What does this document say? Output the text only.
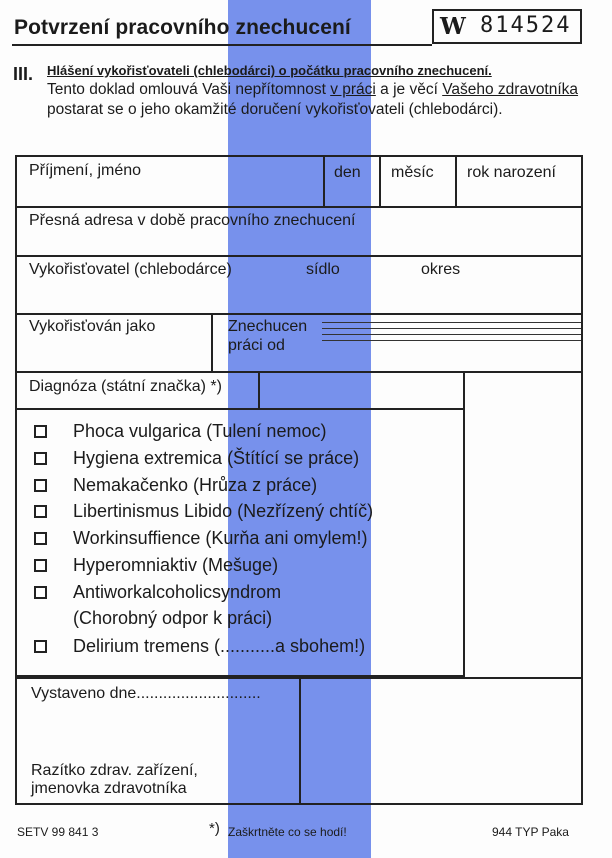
Potvrzení pracovního znechucení	W 814524
III. Hlášení vykořisťovateli (chlebodárci) o počátku pracovního znechucení.
Tento doklad omlouvá Vaši nepřítomnost v práci a je věcí Vašeho zdravotníka postarat se o jeho okamžité doručení vykořisťovateli (chlebodárci).
Příjmení, jméno	den měsíc rok narození
Přesná adresa v době pracovního znechucení
Vykořisťovatel (chlebodárce)	sídlo	okres
Vykořisťován jako	Znechucen
práci od
Diagnóza (státní značka) *)
Phoca vulgarica (Tulení nemoc)
Hygiena extremica (Štítící se práce)
Nemakačenko (Hrůza z práce)
Libertinismus Libido (Nezřízený chtíč)
Workinsuffience (Kurňa ani omylem!)
Hyperomniaktiv (Mešuge)
Antiworkalcoholicsyndrom
(Chorobný odpor k práci)
Delirium tremens (...........a sbohem!)
Vystaveno dne............................
Razítko zdrav. zařízení,
jmenovka zdravotníka
SETV 99 841 3	*) Zaškrtněte co se hodí!	944 TYP Paka
